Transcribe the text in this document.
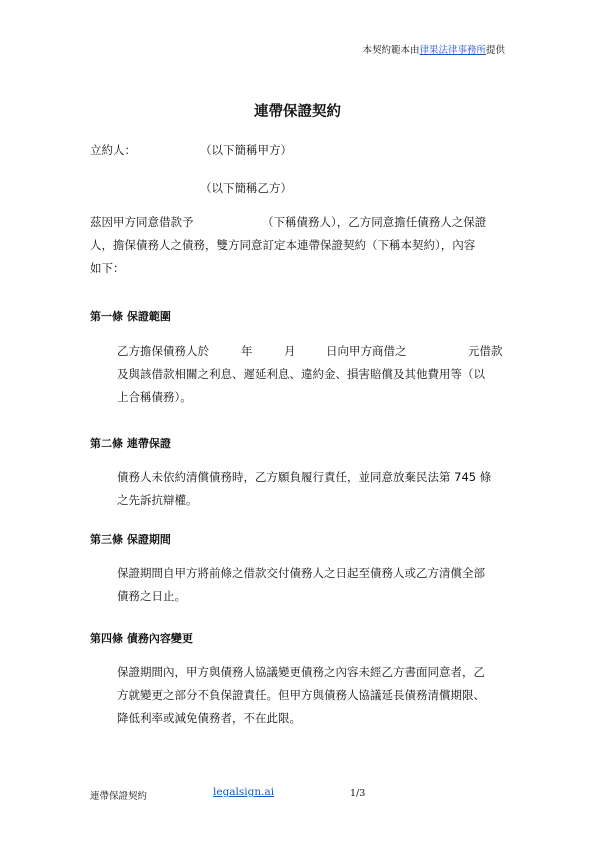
本契約範本由律果法律事務所提供
連帶保證契約
立約人：	（以下簡稱甲方）
（以下簡稱乙方）
茲因甲方同意借款予	（下稱債務人），乙方同意擔任債務人之保證
人，擔保債務人之債務，雙方同意訂定本連帶保證契約（下稱本契約），內容
如下：
第一條 保證範圍
乙方擔保債務人於	年	月	日向甲方商借之	元借款
及與該借款相關之利息、遲延利息、違約金、損害賠償及其他費用等（以
上合稱債務）。
第二條 連帶保證
債務人未依約清償債務時，乙方願負履行責任，並同意放棄民法第 745 條
之先訴抗辯權。
第三條 保證期間
保證期間自甲方將前條之借款交付債務人之日起至債務人或乙方清償全部
債務之日止。
第四條 債務內容變更
保證期間內，甲方與債務人協議變更債務之內容未經乙方書面同意者，乙
方就變更之部分不負保證責任。但甲方與債務人協議延長債務清償期限、
降低利率或減免債務者，不在此限。
連帶保證契約	legalsign.ai	1/3
